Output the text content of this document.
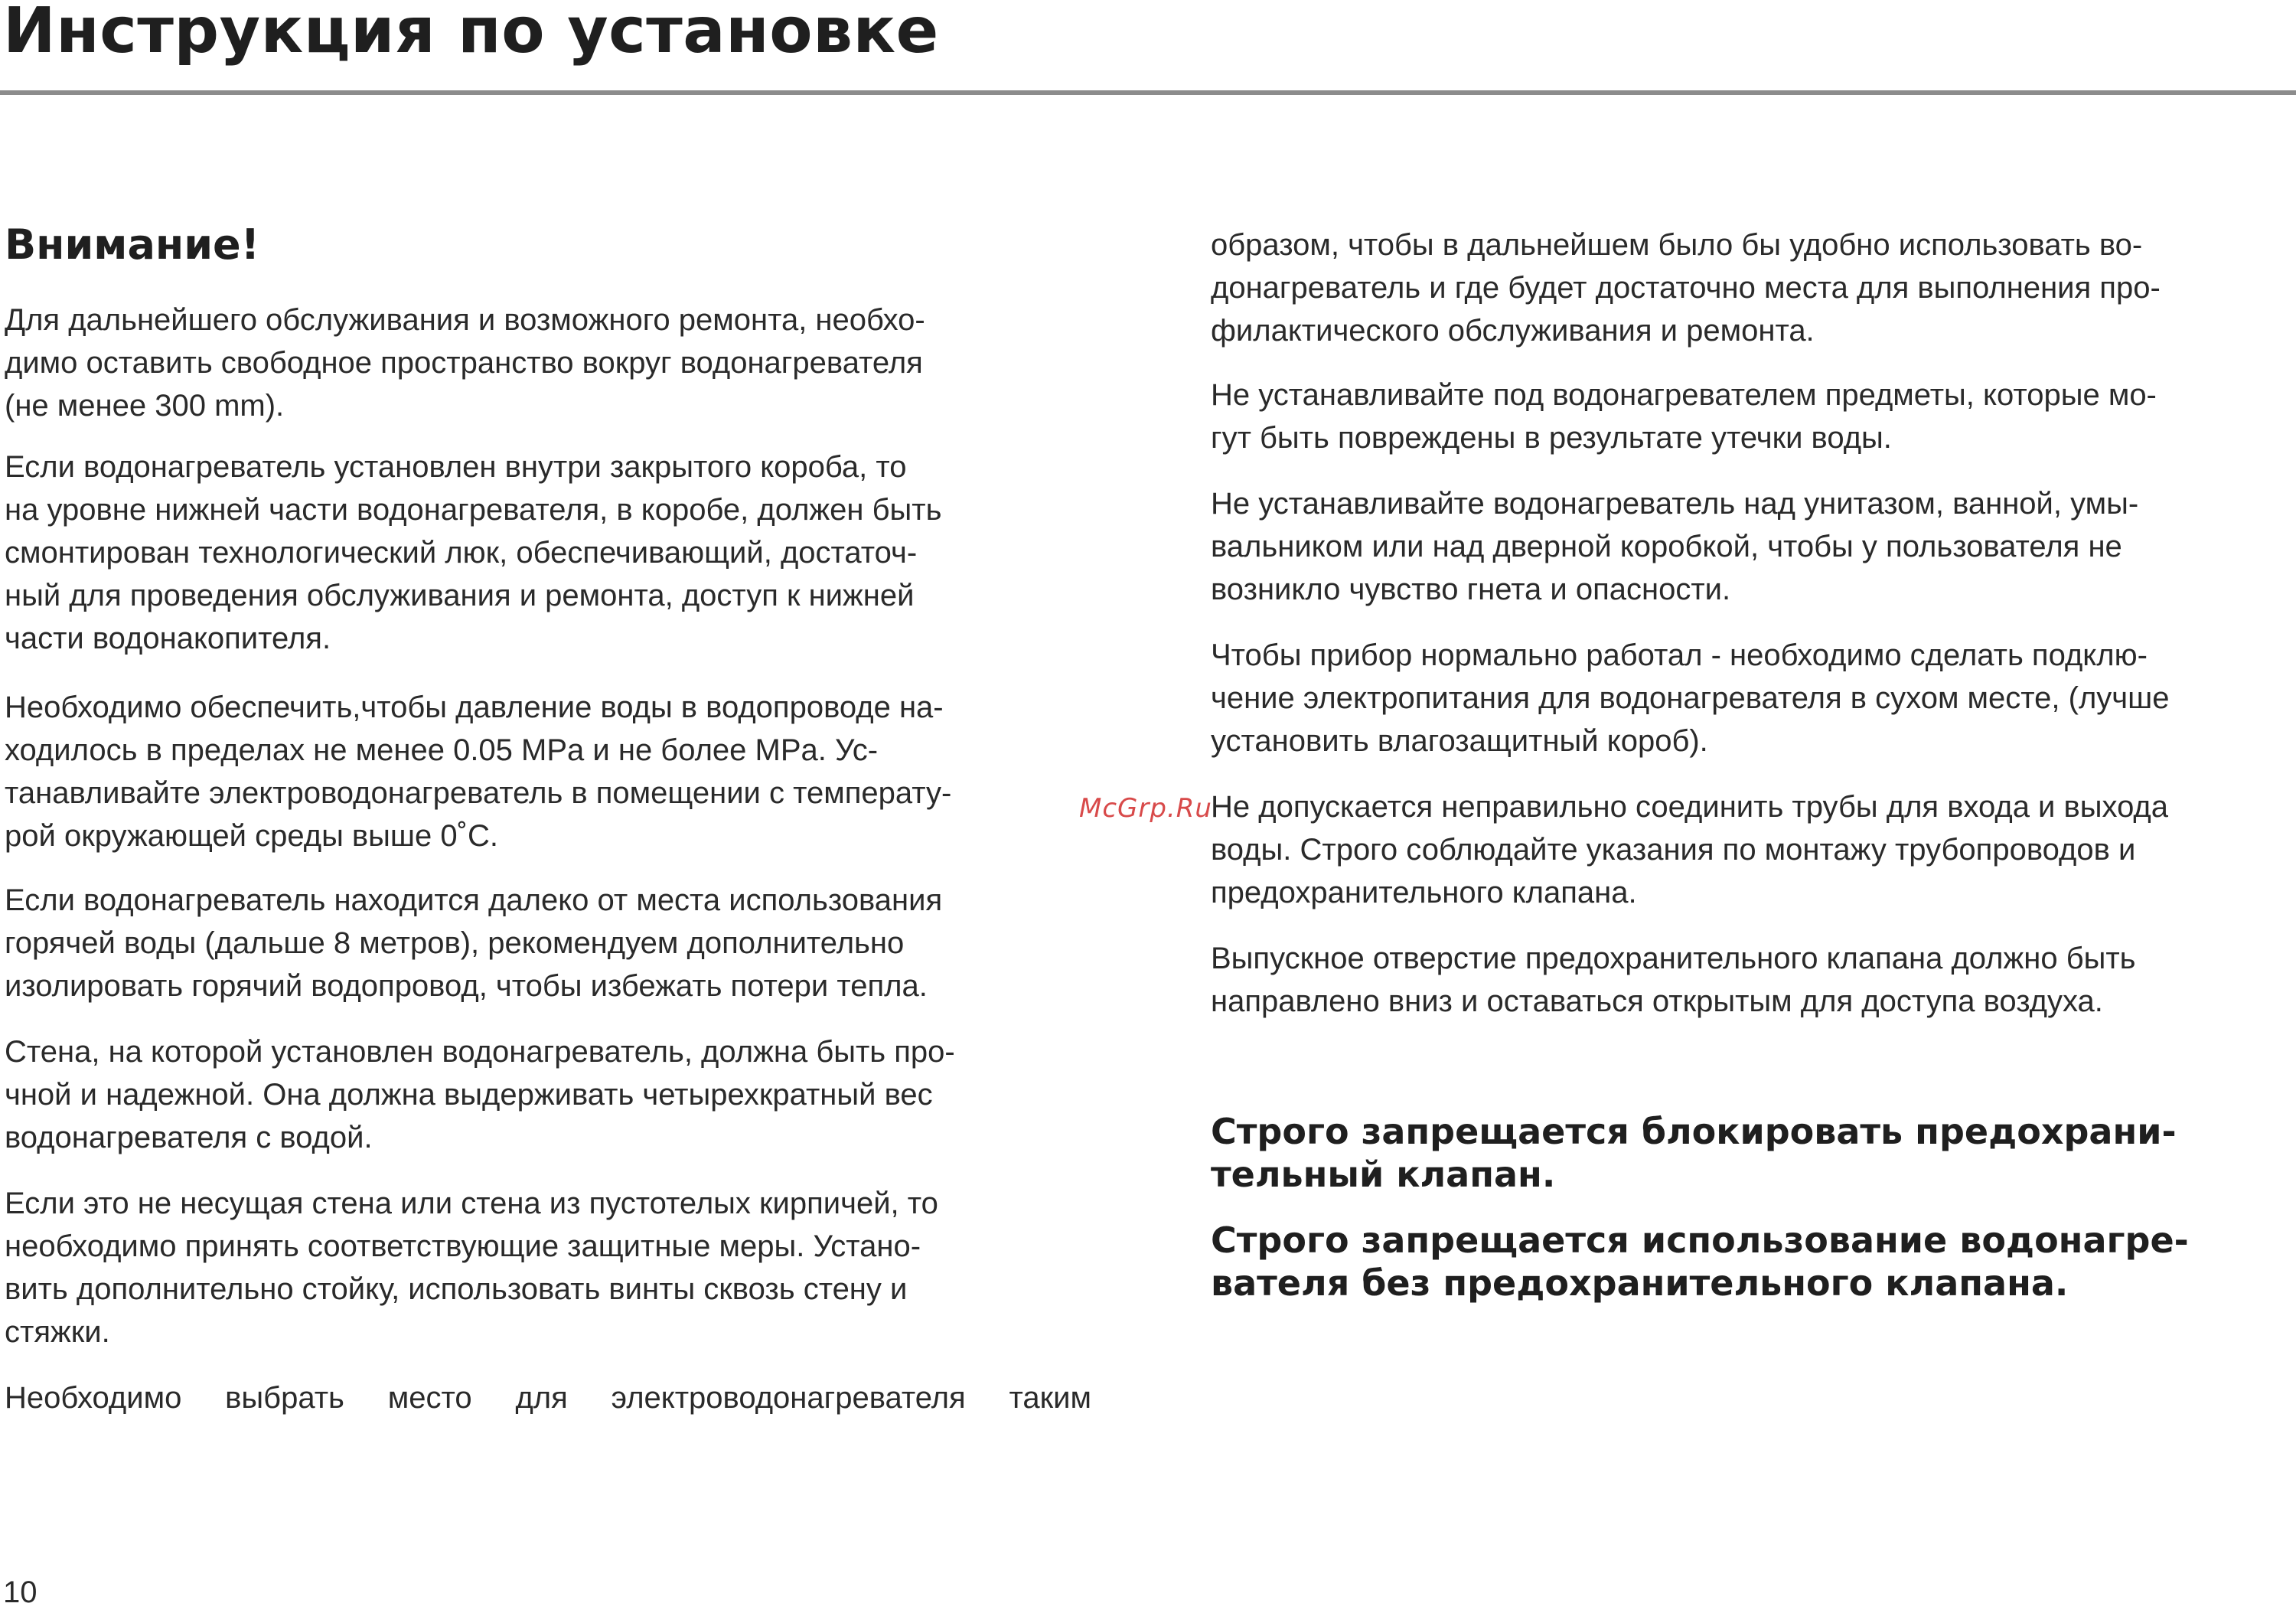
Инструкция по установке
Внимание!

Для дальнейшего обслуживания и возможного ремонта, необхо-
димо оставить свободное пространство вокруг водонагревателя
(не менее 300 mm).

Если водонагреватель установлен внутри закрытого короба, то
на уровне нижней части водонагревателя, в коробе, должен быть
смонтирован технологический люк, обеспечивающий, достаточ-
ный для проведения обслуживания и ремонта, доступ к нижней
части водонакопителя.

Необходимо обеспечить,чтобы давление воды в водопроводе на-
ходилось в пределах не менее 0.05 MPa и не более MPa. Ус-
танавливайте электроводонагреватель в помещении с температу-
рой окружающей среды выше 0˚C.

Если водонагреватель находится далеко от места использования
горячей воды (дальше 8 метров), рекомендуем дополнительно
изолировать горячий водопровод, чтобы избежать потери тепла.

Стена, на которой установлен водонагреватель, должна быть про-
чной и надежной. Она должна выдерживать четырехкратный вес
водонагревателя с водой.

Если это не несущая стена или стена из пустотелых кирпичей, то
необходимо принять соответствующие защитные меры. Устано-
вить дополнительно стойку, использовать винты сквозь стену и
стяжки.

Необходимо выбрать место для электроводонагревателя таким

образом, чтобы в дальнейшем было бы удобно использовать во-
донагреватель и где будет достаточно места для выполнения про-
филактического обслуживания и ремонта.

Не устанавливайте под водонагревателем предметы, которые мо-
гут быть повреждены в результате утечки воды.

Не устанавливайте водонагреватель над унитазом, ванной, умы-
вальником или над дверной коробкой, чтобы у пользователя не
возникло чувство гнета и опасности.

Чтобы прибор нормально работал - необходимо сделать подклю-
чение электропитания для водонагревателя в сухом месте, (лучше
установить влагозащитный короб).

Не допускается неправильно соединить трубы для входа и выхода
воды. Строго соблюдайте указания по монтажу трубопроводов и
предохранительного клапана.

Выпускное отверстие предохранительного клапана должно быть
направлено вниз и оставаться открытым для доступа воздуха.

Строго запрещается блокировать предохрани-
тельный клапан.

Строго запрещается использование водонагре-
вателя без предохранительного клапана.

McGrp.Ru
10
